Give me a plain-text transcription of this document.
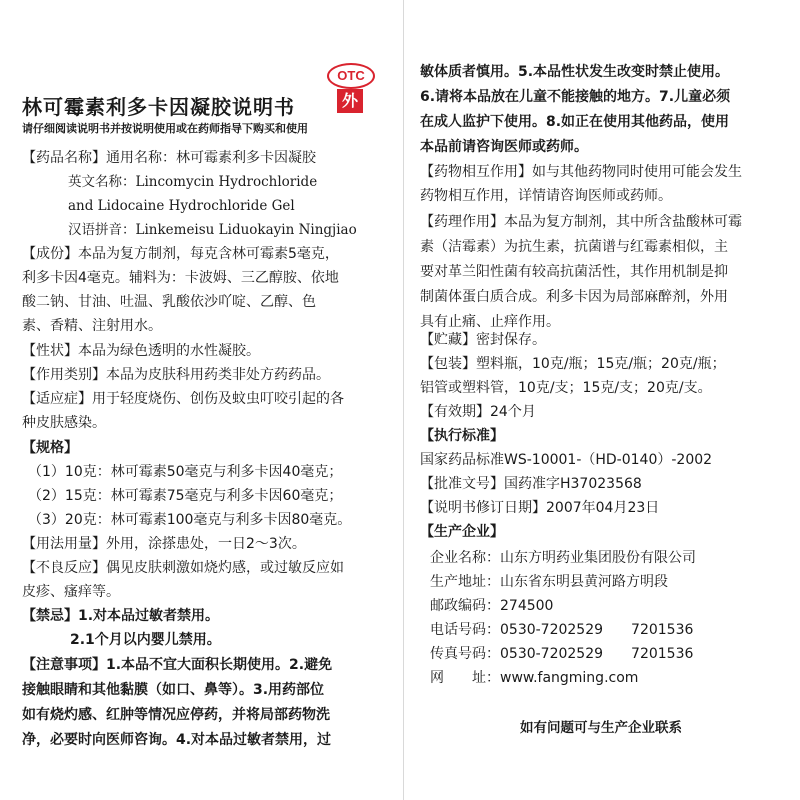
OTC
外
林可霉素利多卡因凝胶说明书
请仔细阅读说明书并按说明使用或在药师指导下购买和使用
【药品名称】通用名称：林可霉素利多卡因凝胶
英文名称：Lincomycin Hydrochloride
and Lidocaine Hydrochloride Gel
汉语拼音：Linkemeisu Liduokayin Ningjiao
【成份】本品为复方制剂，每克含林可霉素5毫克，
利多卡因4毫克。辅料为：卡波姆、三乙醇胺、依地
酸二钠、甘油、吐温、乳酸依沙吖啶、乙醇、色
素、香精、注射用水。
【性状】本品为绿色透明的水性凝胶。
【作用类别】本品为皮肤科用药类非处方药药品。
【适应症】用于轻度烧伤、创伤及蚊虫叮咬引起的各
种皮肤感染。
【规格】
（1）10克：林可霉素50毫克与利多卡因40毫克；
（2）15克：林可霉素75毫克与利多卡因60毫克；
（3）20克：林可霉素100毫克与利多卡因80毫克。
【用法用量】外用，涂搽患处，一日2～3次。
【不良反应】偶见皮肤刺激如烧灼感，或过敏反应如
皮疹、瘙痒等。
【禁忌】1.对本品过敏者禁用。
2.1个月以内婴儿禁用。
【注意事项】1.本品不宜大面积长期使用。2.避免
接触眼睛和其他黏膜（如口、鼻等）。3.用药部位
如有烧灼感、红肿等情况应停药，并将局部药物洗
净，必要时向医师咨询。4.对本品过敏者禁用，过
敏体质者慎用。5.本品性状发生改变时禁止使用。
6.请将本品放在儿童不能接触的地方。7.儿童必须
在成人监护下使用。8.如正在使用其他药品，使用
本品前请咨询医师或药师。
【药物相互作用】如与其他药物同时使用可能会发生
药物相互作用，详情请咨询医师或药师。
【药理作用】本品为复方制剂，其中所含盐酸林可霉
素（洁霉素）为抗生素，抗菌谱与红霉素相似，主
要对革兰阳性菌有较高抗菌活性，其作用机制是抑
制菌体蛋白质合成。利多卡因为局部麻醉剂，外用
具有止痛、止痒作用。
【贮藏】密封保存。
【包装】塑料瓶，10克/瓶；15克/瓶；20克/瓶；
铝管或塑料管，10克/支；15克/支；20克/支。
【有效期】24个月
【执行标准】
国家药品标准WS-10001-（HD-0140）-2002
【批准文号】国药准字H37023568
【说明书修订日期】2007年04月23日
【生产企业】
企业名称：山东方明药业集团股份有限公司
生产地址：山东省东明县黄河路方明段
邮政编码：274500
电话号码：0530-7202529　　7201536
传真号码：0530-7202529　　7201536
网　　址：www.fangming.com
如有问题可与生产企业联系
